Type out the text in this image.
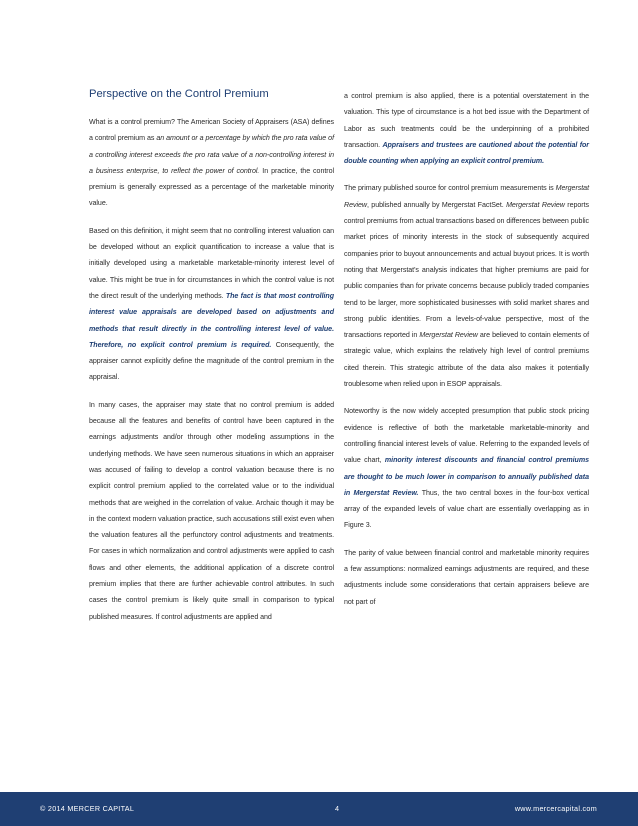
Perspective on the Control Premium

What is a control premium? The American Society of Appraisers (ASA) defines a control premium as an amount or a percentage by which the pro rata value of a controlling interest exceeds the pro rata value of a non-controlling interest in a business enterprise, to reflect the power of control. In practice, the control premium is generally expressed as a percentage of the marketable minority value.

Based on this definition, it might seem that no controlling interest valuation can be developed without an explicit quantification to increase a value that is initially developed using a marketable marketable-minority interest level of value. This might be true in for circumstances in which the control value is not the direct result of the underlying methods. The fact is that most controlling interest value appraisals are developed based on adjustments and methods that result directly in the controlling interest level of value. Therefore, no explicit control premium is required. Consequently, the appraiser cannot explicitly define the magnitude of the control premium in the appraisal.

In many cases, the appraiser may state that no control premium is added because all the features and benefits of control have been captured in the earnings adjustments and/or through other modeling assumptions in the underlying methods. We have seen numerous situations in which an appraiser was accused of failing to develop a control valuation because there is no explicit control premium applied to the correlated value or to the individual methods that are weighed in the correlation of value. Archaic though it may be in the context modern valuation practice, such accusations still exist even when the valuation features all the perfunctory control adjustments and treatments. For cases in which normalization and control adjustments were applied to cash flows and other elements, the additional application of a discrete control premium implies that there are further achievable control attributes. In such cases the control premium is likely quite small in comparison to typical published measures. If control adjustments are applied and

a control premium is also applied, there is a potential overstatement in the valuation. This type of circumstance is a hot bed issue with the Department of Labor as such treatments could be the underpinning of a prohibited transaction. Appraisers and trustees are cautioned about the potential for double counting when applying an explicit control premium.

The primary published source for control premium measurements is Mergerstat Review, published annually by Mergerstat FactSet. Mergerstat Review reports control premiums from actual transactions based on differences between public market prices of minority interests in the stock of subsequently acquired companies prior to buyout announcements and actual buyout prices. It is worth noting that Mergerstat's analysis indicates that higher premiums are paid for public companies than for private concerns because publicly traded companies tend to be larger, more sophisticated businesses with solid market shares and strong public identities. From a levels-of-value perspective, most of the transactions reported in Mergerstat Review are believed to contain elements of strategic value, which explains the relatively high level of control premiums cited therein. This strategic attribute of the data also makes it potentially troublesome when relied upon in ESOP appraisals.

Noteworthy is the now widely accepted presumption that public stock pricing evidence is reflective of both the marketable marketable-minority and controlling financial interest levels of value. Referring to the expanded levels of value chart, minority interest discounts and financial control premiums are thought to be much lower in comparison to annually published data in Mergerstat Review. Thus, the two central boxes in the four-box vertical array of the expanded levels of value chart are essentially overlapping as in Figure 3.

The parity of value between financial control and marketable minority requires a few assumptions: normalized earnings adjustments are required, and these adjustments include some considerations that certain appraisers believe are not part of

© 2014 MERCER CAPITAL	4	www.mercercapital.com
